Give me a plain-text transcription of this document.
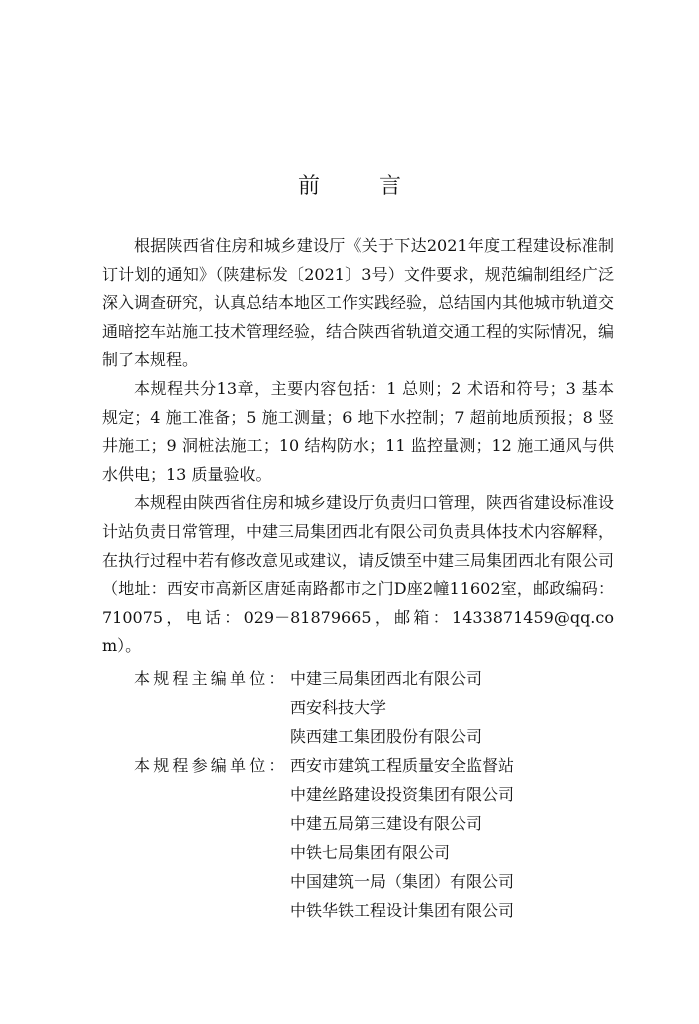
前 言

根据陕西省住房和城乡建设厅《关于下达2021年度工程建设标准制订计划的通知》（陕建标发〔2021〕3号）文件要求，规范编制组经广泛深入调查研究，认真总结本地区工作实践经验，总结国内其他城市轨道交通暗挖车站施工技术管理经验，结合陕西省轨道交通工程的实际情况，编制了本规程。

本规程共分13章，主要内容包括：1 总则；2 术语和符号；3 基本规定；4 施工准备；5 施工测量；6 地下水控制；7 超前地质预报；8 竖井施工；9 洞桩法施工；10 结构防水；11 监控量测；12 施工通风与供水供电；13 质量验收。

本规程由陕西省住房和城乡建设厅负责归口管理，陕西省建设标准设计站负责日常管理，中建三局集团西北有限公司负责具体技术内容解释，在执行过程中若有修改意见或建议，请反馈至中建三局集团西北有限公司（地址：西安市高新区唐延南路都市之门D座2幢11602室，邮政编码：710075，电话：029－81879665，邮箱：1433871459@qq.com）。

本规程主编单位： 中建三局集团西北有限公司
西安科技大学
陕西建工集团股份有限公司
本规程参编单位： 西安市建筑工程质量安全监督站
中建丝路建设投资集团有限公司
中建五局第三建设有限公司
中铁七局集团有限公司
中国建筑一局（集团）有限公司
中铁华铁工程设计集团有限公司
